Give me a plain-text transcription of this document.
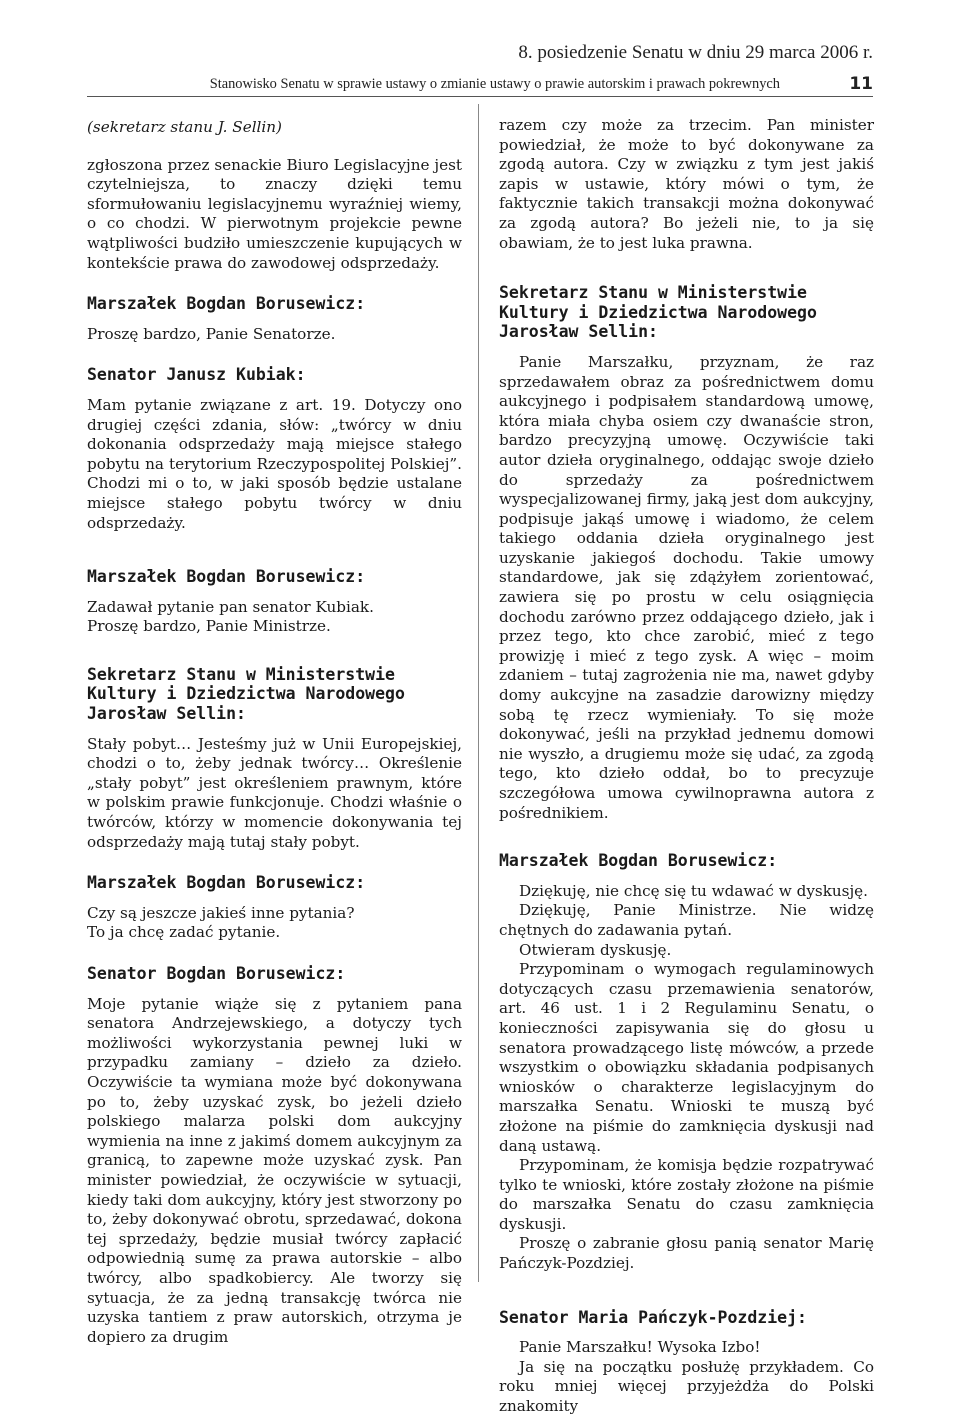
8. posiedzenie Senatu w dniu 29 marca 2006 r.
Stanowisko Senatu w sprawie ustawy o zmianie ustawy o prawie autorskim i prawach pokrewnych	11

(sekretarz stanu J. Sellin)

zgłoszona przez senackie Biuro Legislacyjne jest czytelniejsza, to znaczy dzięki temu sformułowaniu legislacyjnemu wyraźniej wiemy, o co chodzi. W pierwotnym projekcie pewne wątpliwości budziło umieszczenie kupujących w kontekście prawa do zawodowej odsprzedaży.

Marszałek Bogdan Borusewicz:

Proszę bardzo, Panie Senatorze.

Senator Janusz Kubiak:

Mam pytanie związane z art. 19. Dotyczy ono drugiej części zdania, słów: „twórcy w dniu dokonania odsprzedaży mają miejsce stałego pobytu na terytorium Rzeczypospolitej Polskiej”. Chodzi mi o to, w jaki sposób będzie ustalane miejsce stałego pobytu twórcy w dniu odsprzedaży.

Marszałek Bogdan Borusewicz:

Zadawał pytanie pan senator Kubiak.

Proszę bardzo, Panie Ministrze.

Sekretarz Stanu w Ministerstwie Kultury i Dziedzictwa Narodowego Jarosław Sellin:

Stały pobyt… Jesteśmy już w Unii Europejskiej, chodzi o to, żeby jednak twórcy… Określenie „stały pobyt” jest określeniem prawnym, które w polskim prawie funkcjonuje. Chodzi właśnie o twórców, którzy w momencie dokonywania tej odsprzedaży mają tutaj stały pobyt.

Marszałek Bogdan Borusewicz:

Czy są jeszcze jakieś inne pytania?

To ja chcę zadać pytanie.

Senator Bogdan Borusewicz:

Moje pytanie wiąże się z pytaniem pana senatora Andrzejewskiego, a dotyczy tych możliwości wykorzystania pewnej luki w przypadku zamiany – dzieło za dzieło. Oczywiście ta wymiana może być dokonywana po to, żeby uzyskać zysk, bo jeżeli dzieło polskiego malarza polski dom aukcyjny wymienia na inne z jakimś domem aukcyjnym za granicą, to zapewne może uzyskać zysk. Pan minister powiedział, że oczywiście w sytuacji, kiedy taki dom aukcyjny, który jest stworzony po to, żeby dokonywać obrotu, sprzedawać, dokona tej sprzedaży, będzie musiał twórcy zapłacić odpowiednią sumę za prawa autorskie – albo twórcy, albo spadkobiercy. Ale tworzy się sytuacja, że za jedną transakcję twórca nie uzyska tantiem z praw autorskich, otrzyma je dopiero za drugim

razem czy może za trzecim. Pan minister powiedział, że może to być dokonywane za zgodą autora. Czy w związku z tym jest jakiś zapis w ustawie, który mówi o tym, że faktycznie takich transakcji można dokonywać za zgodą autora? Bo jeżeli nie, to ja się obawiam, że to jest luka prawna.

Sekretarz Stanu w Ministerstwie Kultury i Dziedzictwa Narodowego Jarosław Sellin:

Panie Marszałku, przyznam, że raz sprzedawałem obraz za pośrednictwem domu aukcyjnego i podpisałem standardową umowę, która miała chyba osiem czy dwanaście stron, bardzo precyzyjną umowę. Oczywiście taki autor dzieła oryginalnego, oddając swoje dzieło do sprzedaży za pośrednictwem wyspecjalizowanej firmy, jaką jest dom aukcyjny, podpisuje jakąś umowę i wiadomo, że celem takiego oddania dzieła oryginalnego jest uzyskanie jakiegoś dochodu. Takie umowy standardowe, jak się zdążyłem zorientować, zawiera się po prostu w celu osiągnięcia dochodu zarówno przez oddającego dzieło, jak i przez tego, kto chce zarobić, mieć z tego prowizję i mieć z tego zysk. A więc – moim zdaniem – tutaj zagrożenia nie ma, nawet gdyby domy aukcyjne na zasadzie darowizny między sobą tę rzecz wymieniały. To się może dokonywać, jeśli na przykład jednemu domowi nie wyszło, a drugiemu może się udać, za zgodą tego, kto dzieło oddał, bo to precyzuje szczegółowa umowa cywilnoprawna autora z pośrednikiem.

Marszałek Bogdan Borusewicz:

Dziękuję, nie chcę się tu wdawać w dyskusję.

Dziękuję, Panie Ministrze. Nie widzę chętnych do zadawania pytań.

Otwieram dyskusję.

Przypominam o wymogach regulaminowych dotyczących czasu przemawienia senatorów, art. 46 ust. 1 i 2 Regulaminu Senatu, o konieczności zapisywania się do głosu u senatora prowadzącego listę mówców, a przede wszystkim o obowiązku składania podpisanych wniosków o charakterze legislacyjnym do marszałka Senatu. Wnioski te muszą być złożone na piśmie do zamknięcia dyskusji nad daną ustawą.

Przypominam, że komisja będzie rozpatrywać tylko te wnioski, które zostały złożone na piśmie do marszałka Senatu do czasu zamknięcia dyskusji.

Proszę o zabranie głosu panią senator Marię Pańczyk-Pozdziej.

Senator Maria Pańczyk-Pozdziej:

Panie Marszałku! Wysoka Izbo!

Ja się na początku posłużę przykładem. Co roku mniej więcej przyjeżdża do Polski znakomity
